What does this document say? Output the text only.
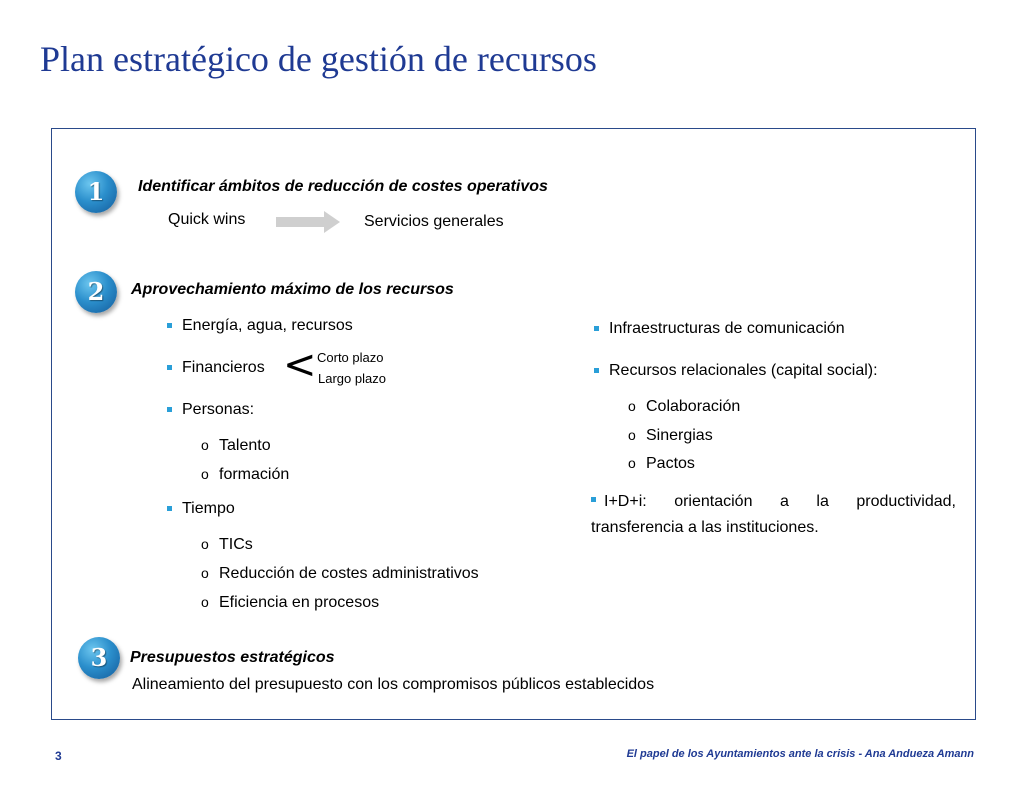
Plan estratégico de gestión de recursos
1	Identificar ámbitos de reducción de costes operativos
Quick wins	Servicios generales
2	Aprovechamiento máximo de los recursos
Energía, agua, recursos
Financieros < Corto plazo
Largo plazo
Personas:
o Talento
o formación
Tiempo
o TICs
o Reducción de costes administrativos
o Eficiencia en procesos
Infraestructuras de comunicación
Recursos relacionales (capital social):
o Colaboración
o Sinergias
o Pactos
I+D+i: orientación a la productividad, transferencia a las instituciones.
3	Presupuestos estratégicos
Alineamiento del presupuesto con los compromisos públicos establecidos
3	El papel de los Ayuntamientos ante la crisis - Ana Andueza Amann
